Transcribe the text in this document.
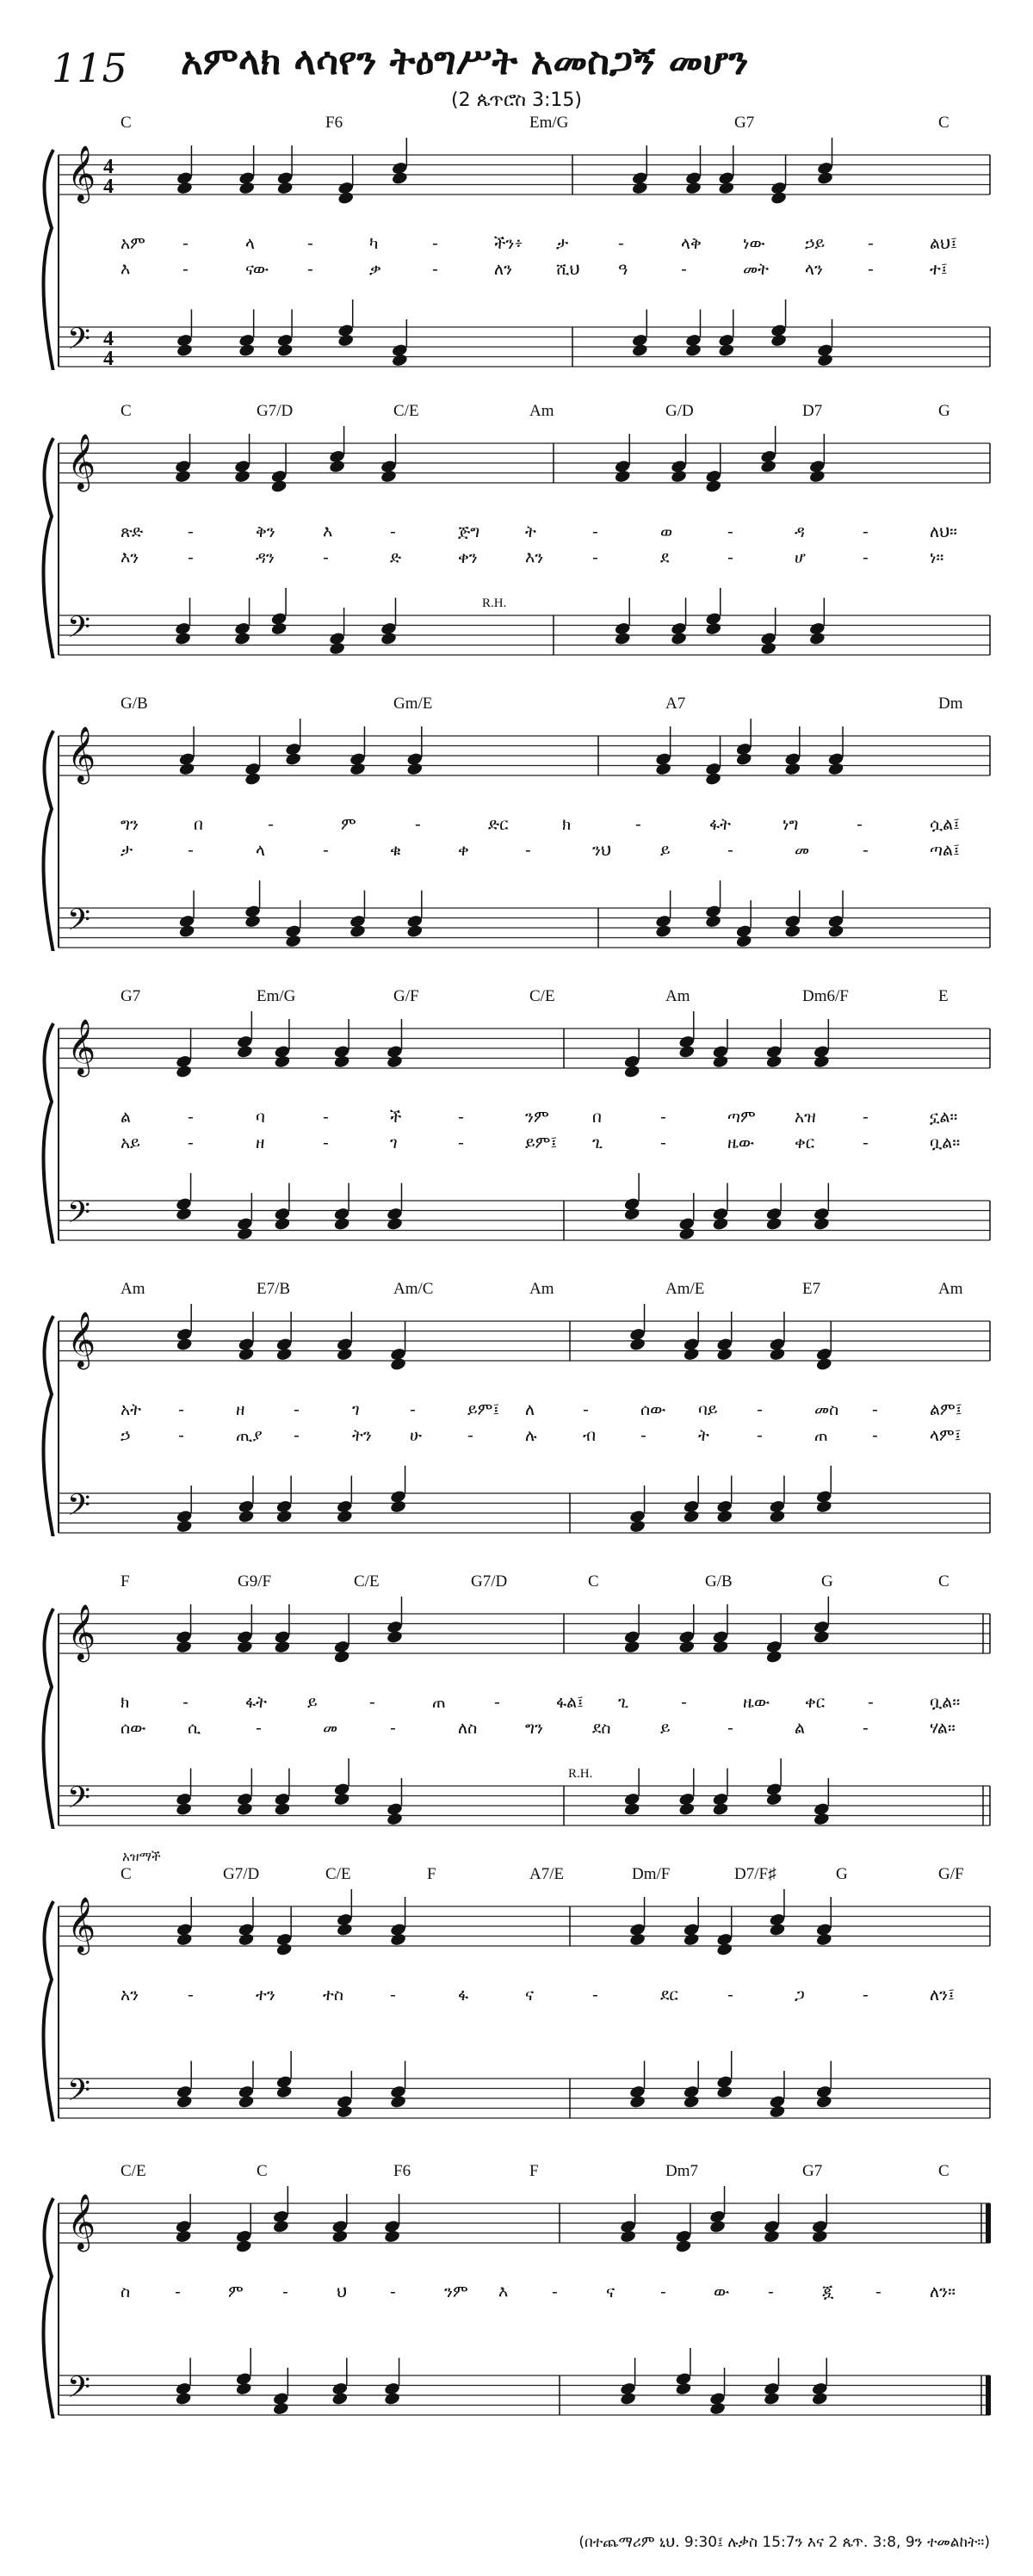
115 አምላክ ላሳየን ትዕግሥት አመስጋኝ መሆን
(2 ጴጥሮስ 3:15)
𝄞 4
4
𝄢 4
4
C	F6	Em/G	G7	C
አም -	ላ	-	ካ	-	ችን፥ ታ	-	ላቅ	ነው ኃይ	-	ልህ፤
እ	-	ናው -	ቃ	-	ለን	ሺህ ዓ	-	መት ላን	-	ተ፤
𝄞
𝄢
C	G7/D	C/E	Am	G/D	D7	G
ጽድ	-	ቅን	እ	-	ጅግ	ት	-	ወ	-	ዳ	-	ለህ።
እን	-	ዳን	-	ድ	ቀን	እን	-	ደ	-	ሆ	-	ነ።
R.H.
𝄞
𝄢
G/B	Gm/E	A7	Dm
ግን	በ	-	ም	-	ድር	ክ	-	ፋት	ነግ	-	ሷል፤
ታ	-	ላ	-	ቁ	ቀ	-	ንህ	ይ	-	መ	-	ጣል፤
𝄞
𝄢
G7	Em/G	G/F	C/E	Am	Dm6/F	E
ል	-	ባ	-	ች	-	ንም	በ	-	ጣም አዝ	-	ኗል።
አይ	-	ዘ	-	ገ	-	ይም፤ ጊ	-	ዜው ቀር	-	ቧል።
𝄞
𝄢
Am	E7/B	Am/C	Am	Am/E	E7	Am
አት -	ዘ	-	ገ	-	ይም፤ ለ	-	ሰው ባይ -	መስ -	ልም፤
ኃ	-	ጢያ -	ትን ሁ	-	ሉ	ብ	-	ት	-	ጠ	-	ላም፤
𝄞
𝄢
F	G9/F	C/E	G7/D	C	G/B	G	C
ክ	-	ፋት ይ	-	ጠ	-	ፋል፤ ጊ	-	ዜው ቀር	-	ቧል።
ሰው	ሲ	-	መ	-	ለስ	ግን	ደስ	ይ	-	ል	-	ሃል።
R.H.
𝄞
𝄢
C	G7/D	C/E	F	A7/E	Dm/F	D7/F♯	G	G/F
አን	-	ተን	ተስ	-	ፋ	ና	-	ደር	-	ጋ	-	ለን፤
አዝማች
𝄞
𝄢
C/E	C	F6	F	Dm7	G7	C
ስ	-	ም -	ህ	-	ንም እ	-	ና	-	ው -	ጇ	-	ለን።
(በተጨማሪም ኒህ. 9:30፤ ሉቃስ 15:7ን እና 2 ጴጥ. 3:8, 9ን ተመልከት።)
